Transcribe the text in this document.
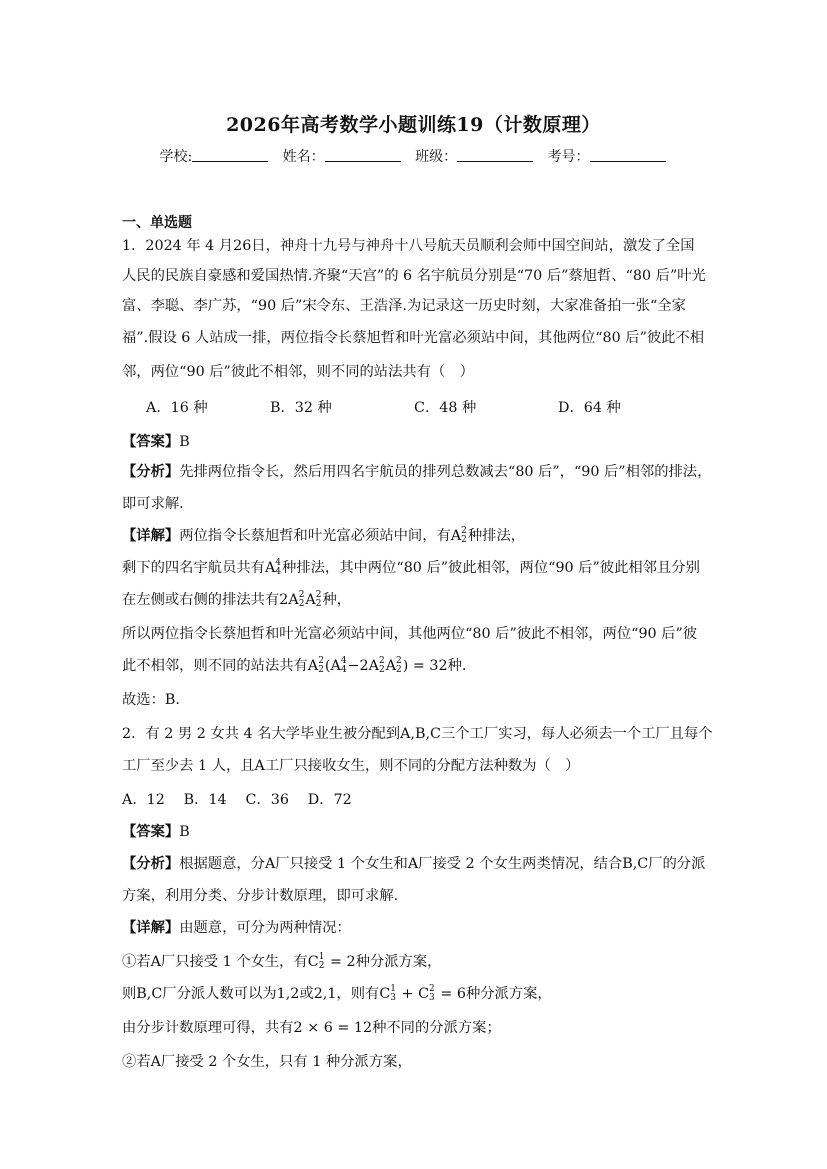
2026年高考数学小题训练19（计数原理）
学校:	姓名：	班级：	考号：
一、单选题
1．2024 年 4 月26日，神舟十九号与神舟十八号航天员顺利会师中国空间站，激发了全国
人民的民族自豪感和爱国热情.齐聚“天宫”的 6 名宇航员分别是“70 后”蔡旭哲、“80 后”叶光
富、李聪、李广苏，“90 后”宋令东、王浩泽.为记录这一历史时刻，大家准备拍一张“全家
福”.假设 6 人站成一排，两位指令长蔡旭哲和叶光富必须站中间，其他两位“80 后”彼此不相
邻，两位“90 后”彼此不相邻，则不同的站法共有（　）
A．16 种	B．32 种	C．48 种	D．64 种
【答案】B
【分析】先排两位指令长，然后用四名宇航员的排列总数减去“80 后”，“90 后”相邻的排法，
即可求解.
【详解】两位指令长蔡旭哲和叶光富必须站中间，有A 2
2 种排法，
剩下的四名宇航员共有A 4
4 种排法，其中两位“80 后”彼此相邻，两位“90 后”彼此相邻且分别
在左侧或右侧的排法共有2A 2
2 A 2
2 种，
所以两位指令长蔡旭哲和叶光富必须站中间，其他两位“80 后”彼此不相邻，两位“90 后”彼
此不相邻，则不同的站法共有A 2
2 (A 4
4 −2A 2
2 A 2
2 ) = 32种.
故选：B.
2．有 2 男 2 女共 4 名大学毕业生被分配到A,B,C三个工厂实习，每人必须去一个工厂且每个
工厂至少去 1 人，且A工厂只接收女生，则不同的分配方法种数为（　）
A．12　 B．14　 C．36　 D．72
【答案】B
【分析】根据题意，分A厂只接受 1 个女生和A厂接受 2 个女生两类情况，结合B,C厂的分派
方案，利用分类、分步计数原理，即可求解.
【详解】由题意，可分为两种情况：
①若A厂只接受 1 个女生，有C 1
2 = 2种分派方案，
则B,C厂分派人数可以为1,2或2,1，则有C 1
3 + C 2
3 = 6种分派方案，
由分步计数原理可得，共有2 × 6 = 12种不同的分派方案；
②若A厂接受 2 个女生，只有 1 种分派方案，
